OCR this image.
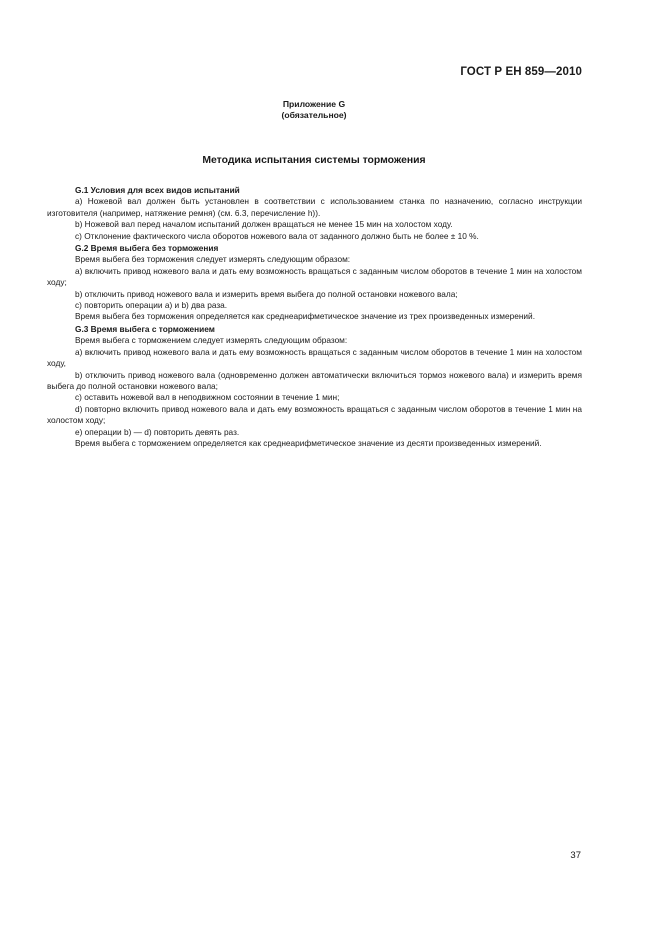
ГОСТ Р ЕН 859—2010
Приложение G
(обязательное)
Методика испытания системы торможения

G.1 Условия для всех видов испытаний

а) Ножевой вал должен быть установлен в соответствии с использованием станка по назначению, согласно инструкции изготовителя (например, натяжение ремня) (см. 6.3, перечисление h)).

b) Ножевой вал перед началом испытаний должен вращаться не менее 15 мин на холостом ходу.

с) Отклонение фактического числа оборотов ножевого вала от заданного должно быть не более ± 10 %.

G.2 Время выбега без торможения

Время выбега без торможения следует измерять следующим образом:

а) включить привод ножевого вала и дать ему возможность вращаться с заданным числом оборотов в течение 1 мин на холостом ходу;

b) отключить привод ножевого вала и измерить время выбега до полной остановки ножевого вала;

с) повторить операции а) и b) два раза.

Время выбега без торможения определяется как среднеарифметическое значение из трех произведенных измерений.

G.3 Время выбега с торможением

Время выбега с торможением следует измерять следующим образом:

а) включить привод ножевого вала и дать ему возможность вращаться с заданным числом оборотов в течение 1 мин на холостом ходу,

b) отключить привод ножевого вала (одновременно должен автоматически включиться тормоз ножевого вала) и измерить время выбега до полной остановки ножевого вала;

с) оставить ножевой вал в неподвижном состоянии в течение 1 мин;

d) повторно включить привод ножевого вала и дать ему возможность вращаться с заданным числом оборотов в течение 1 мин на холостом ходу;

е) операции b) — d) повторить девять раз.

Время выбега с торможением определяется как среднеарифметическое значение из десяти произведенных измерений.

37
